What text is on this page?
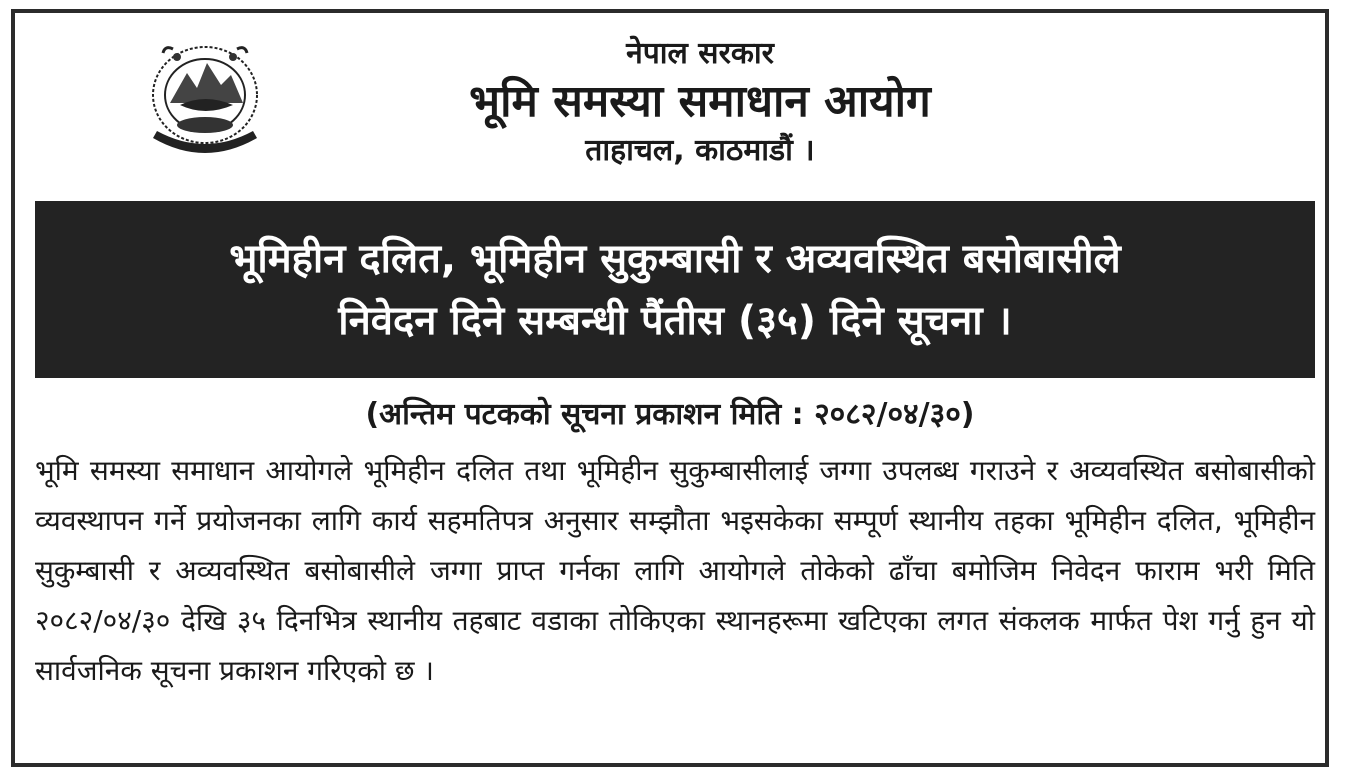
नेपाल सरकार
भूमि समस्या समाधान आयोग
ताहाचल, काठमाडौं ।
भूमिहीन दलित, भूमिहीन सुकुम्बासी र अव्यवस्थित बसोबासीले
निवेदन दिने सम्बन्धी पैंतीस (३५) दिने सूचना ।
(अन्तिम पटकको सूचना प्रकाशन मिति : २०८२/०४/३०)
भूमि समस्या समाधान आयोगले भूमिहीन दलित तथा भूमिहीन सुकुम्बासीलाई जग्गा उपलब्ध गराउने र अव्यवस्थित बसोबासीको व्यवस्थापन गर्ने प्रयोजनका लागि कार्य सहमतिपत्र अनुसार सम्झौता भइसकेका सम्पूर्ण स्थानीय तहका भूमिहीन दलित, भूमिहीन सुकुम्बासी र अव्यवस्थित बसोबासीले जग्गा प्राप्त गर्नका लागि आयोगले तोकेको ढाँचा बमोजिम निवेदन फाराम भरी मिति २०८२/०४/३० देखि ३५ दिनभित्र स्थानीय तहबाट वडाका तोकिएका स्थानहरूमा खटिएका लगत संकलक मार्फत पेश गर्नु हुन यो सार्वजनिक सूचना प्रकाशन गरिएको छ ।
